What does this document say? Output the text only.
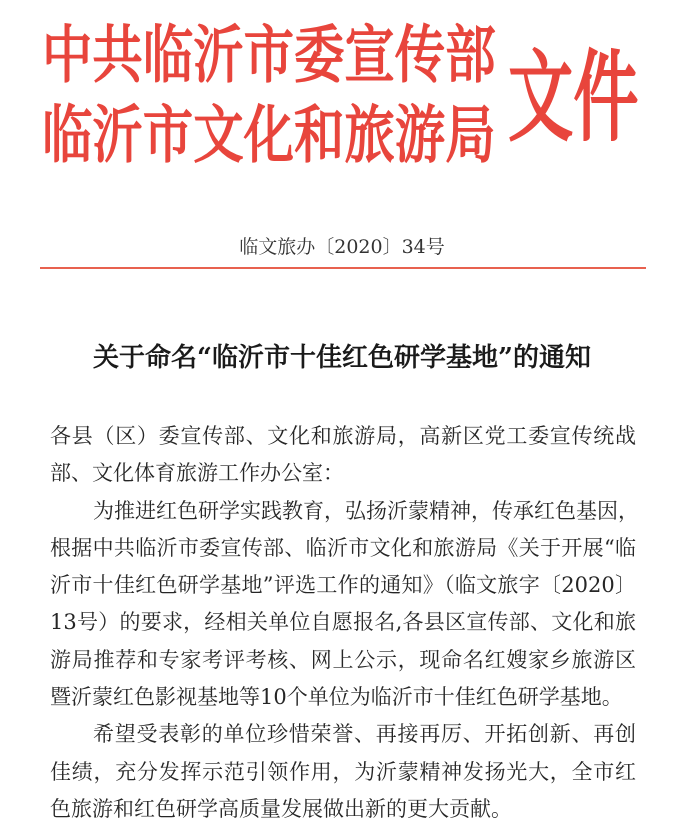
中共临沂市委宣传部
临沂市文化和旅游局 文件
临文旅办〔2020〕34号
关于命名“临沂市十佳红色研学基地”的通知
各县（区）委宣传部、文化和旅游局，高新区党工委宣传统战
部、文化体育旅游工作办公室：
为推进红色研学实践教育，弘扬沂蒙精神，传承红色基因，
根据中共临沂市委宣传部、临沂市文化和旅游局《关于开展“临
沂市十佳红色研学基地”评选工作的通知》（临文旅字〔2020〕
13号）的要求，经相关单位自愿报名,各县区宣传部、文化和旅
游局推荐和专家考评考核、网上公示，现命名红嫂家乡旅游区
暨沂蒙红色影视基地等10个单位为临沂市十佳红色研学基地。
希望受表彰的单位珍惜荣誉、再接再厉、开拓创新、再创
佳绩，充分发挥示范引领作用，为沂蒙精神发扬光大，全市红
色旅游和红色研学高质量发展做出新的更大贡献。
